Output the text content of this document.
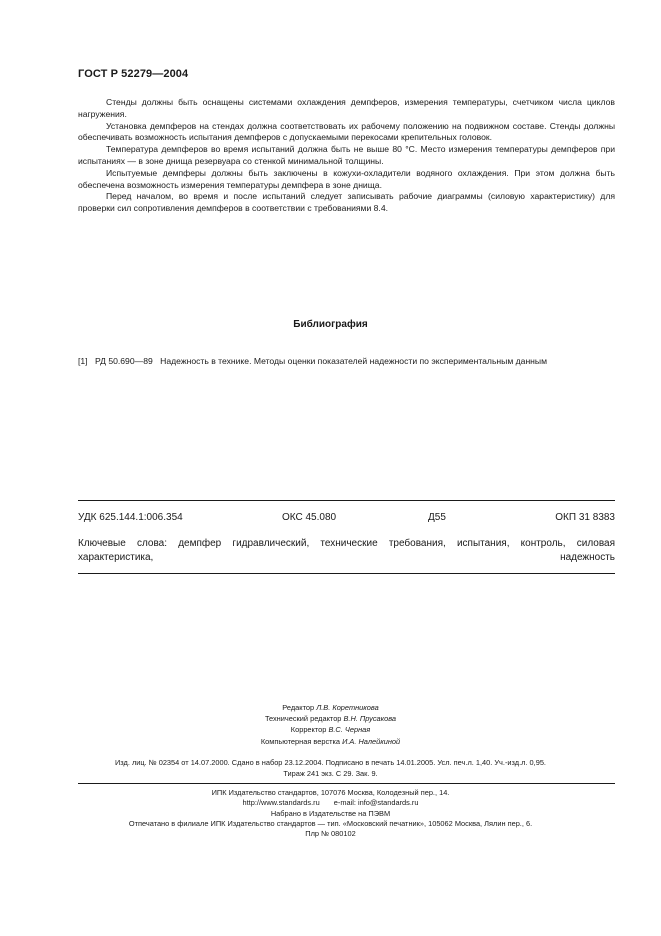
ГОСТ Р 52279—2004

Стенды должны быть оснащены системами охлаждения демпферов, измерения температуры, счетчиком числа циклов нагружения.

Установка демпферов на стендах должна соответствовать их рабочему положению на подвижном составе. Стенды должны обеспечивать возможность испытания демпферов с допускаемыми перекосами крепительных головок.

Температура демпферов во время испытаний должна быть не выше 80 °С. Место измерения температуры демпферов при испытаниях — в зоне днища резервуара со стенкой минимальной толщины.

Испытуемые демпферы должны быть заключены в кожухи-охладители водяного охлаждения. При этом должна быть обеспечена возможность измерения температуры демпфера в зоне днища.

Перед началом, во время и после испытаний следует записывать рабочие диаграммы (силовую характеристику) для проверки сил сопротивления демпферов в соответствии с требованиями 8.4.

Библиография
[1] РД 50.690—89 Надежность в технике. Методы оценки показателей надежности по экспериментальным данным
УДК 625.144.1:006.354	ОКС 45.080	Д55	ОКП 31 8383
Ключевые слова: демпфер гидравлический, технические требования, испытания, контроль, силовая характеристика, надежность
Редактор Л.В. Коретникова
Технический редактор В.Н. Прусакова
Корректор В.С. Черная
Компьютерная верстка И.А. Налейкиной
Изд. лиц. № 02354 от 14.07.2000. Сдано в набор 23.12.2004. Подписано в печать 14.01.2005. Усл. печ.л. 1,40. Уч.-изд.л. 0,95.
Тираж 241 экз. С 29. Зак. 9.
ИПК Издательство стандартов, 107076 Москва, Колодезный пер., 14.
http://www.standards.ru e-mail: info@standards.ru
Набрано в Издательстве на ПЭВМ
Отпечатано в филиале ИПК Издательство стандартов — тип. «Московский печатник», 105062 Москва, Лялин пер., 6.
Плр № 080102
